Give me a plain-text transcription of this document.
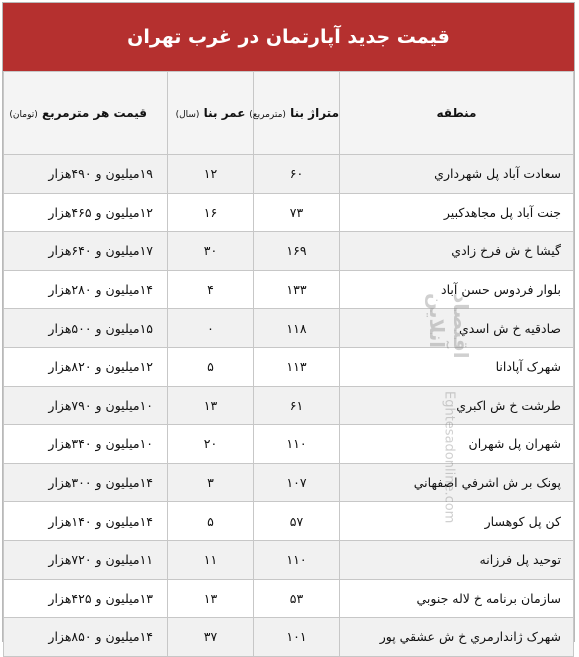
قیمت جدید آپارتمان در غرب تهران
منطقه	متراژ بنا (مترمربع)	عمر بنا (سال)	قیمت هر مترمربع (تومان)
سعادت آباد پل شهرداري	۶۰	۱۲	۱۹میلیون و ۴۹۰هزار
جنت آباد پل مجاهدکبیر	۷۳	۱۶	۱۲میلیون و ۴۶۵هزار
گیشا خ ش فرخ زادي	۱۶۹	۳۰	۱۷میلیون و ۶۴۰هزار
بلوار فردوس حسن آباد	۱۳۳	۴	۱۴میلیون و ۲۸۰هزار
صادقیه خ ش اسدي	۱۱۸	۰	۱۵میلیون و ۵۰۰هزار
شهرک آپادانا	۱۱۳	۵	۱۲میلیون و ۸۲۰هزار
طرشت خ ش اکبري	۶۱	۱۳	۱۰میلیون و ۷۹۰هزار
شهران پل شهران	۱۱۰	۲۰	۱۰میلیون و ۳۴۰هزار
پونک بر ش اشرفي اصفهاني	۱۰۷	۳	۱۴میلیون و ۳۰۰هزار
کن پل کوهسار	۵۷	۵	۱۴میلیون و ۱۴۰هزار
توحید پل فرزانه	۱۱۰	۱۱	۱۱میلیون و ۷۲۰هزار
سازمان برنامه خ لاله جنوبي	۵۳	۱۳	۱۳میلیون و ۴۲۵هزار
شهرک ژاندارمري خ ش عشقي پور	۱۰۱	۳۷	۱۴میلیون و ۸۵۰هزار
اقتصاد آنلاین
Eghtesadonline.com
